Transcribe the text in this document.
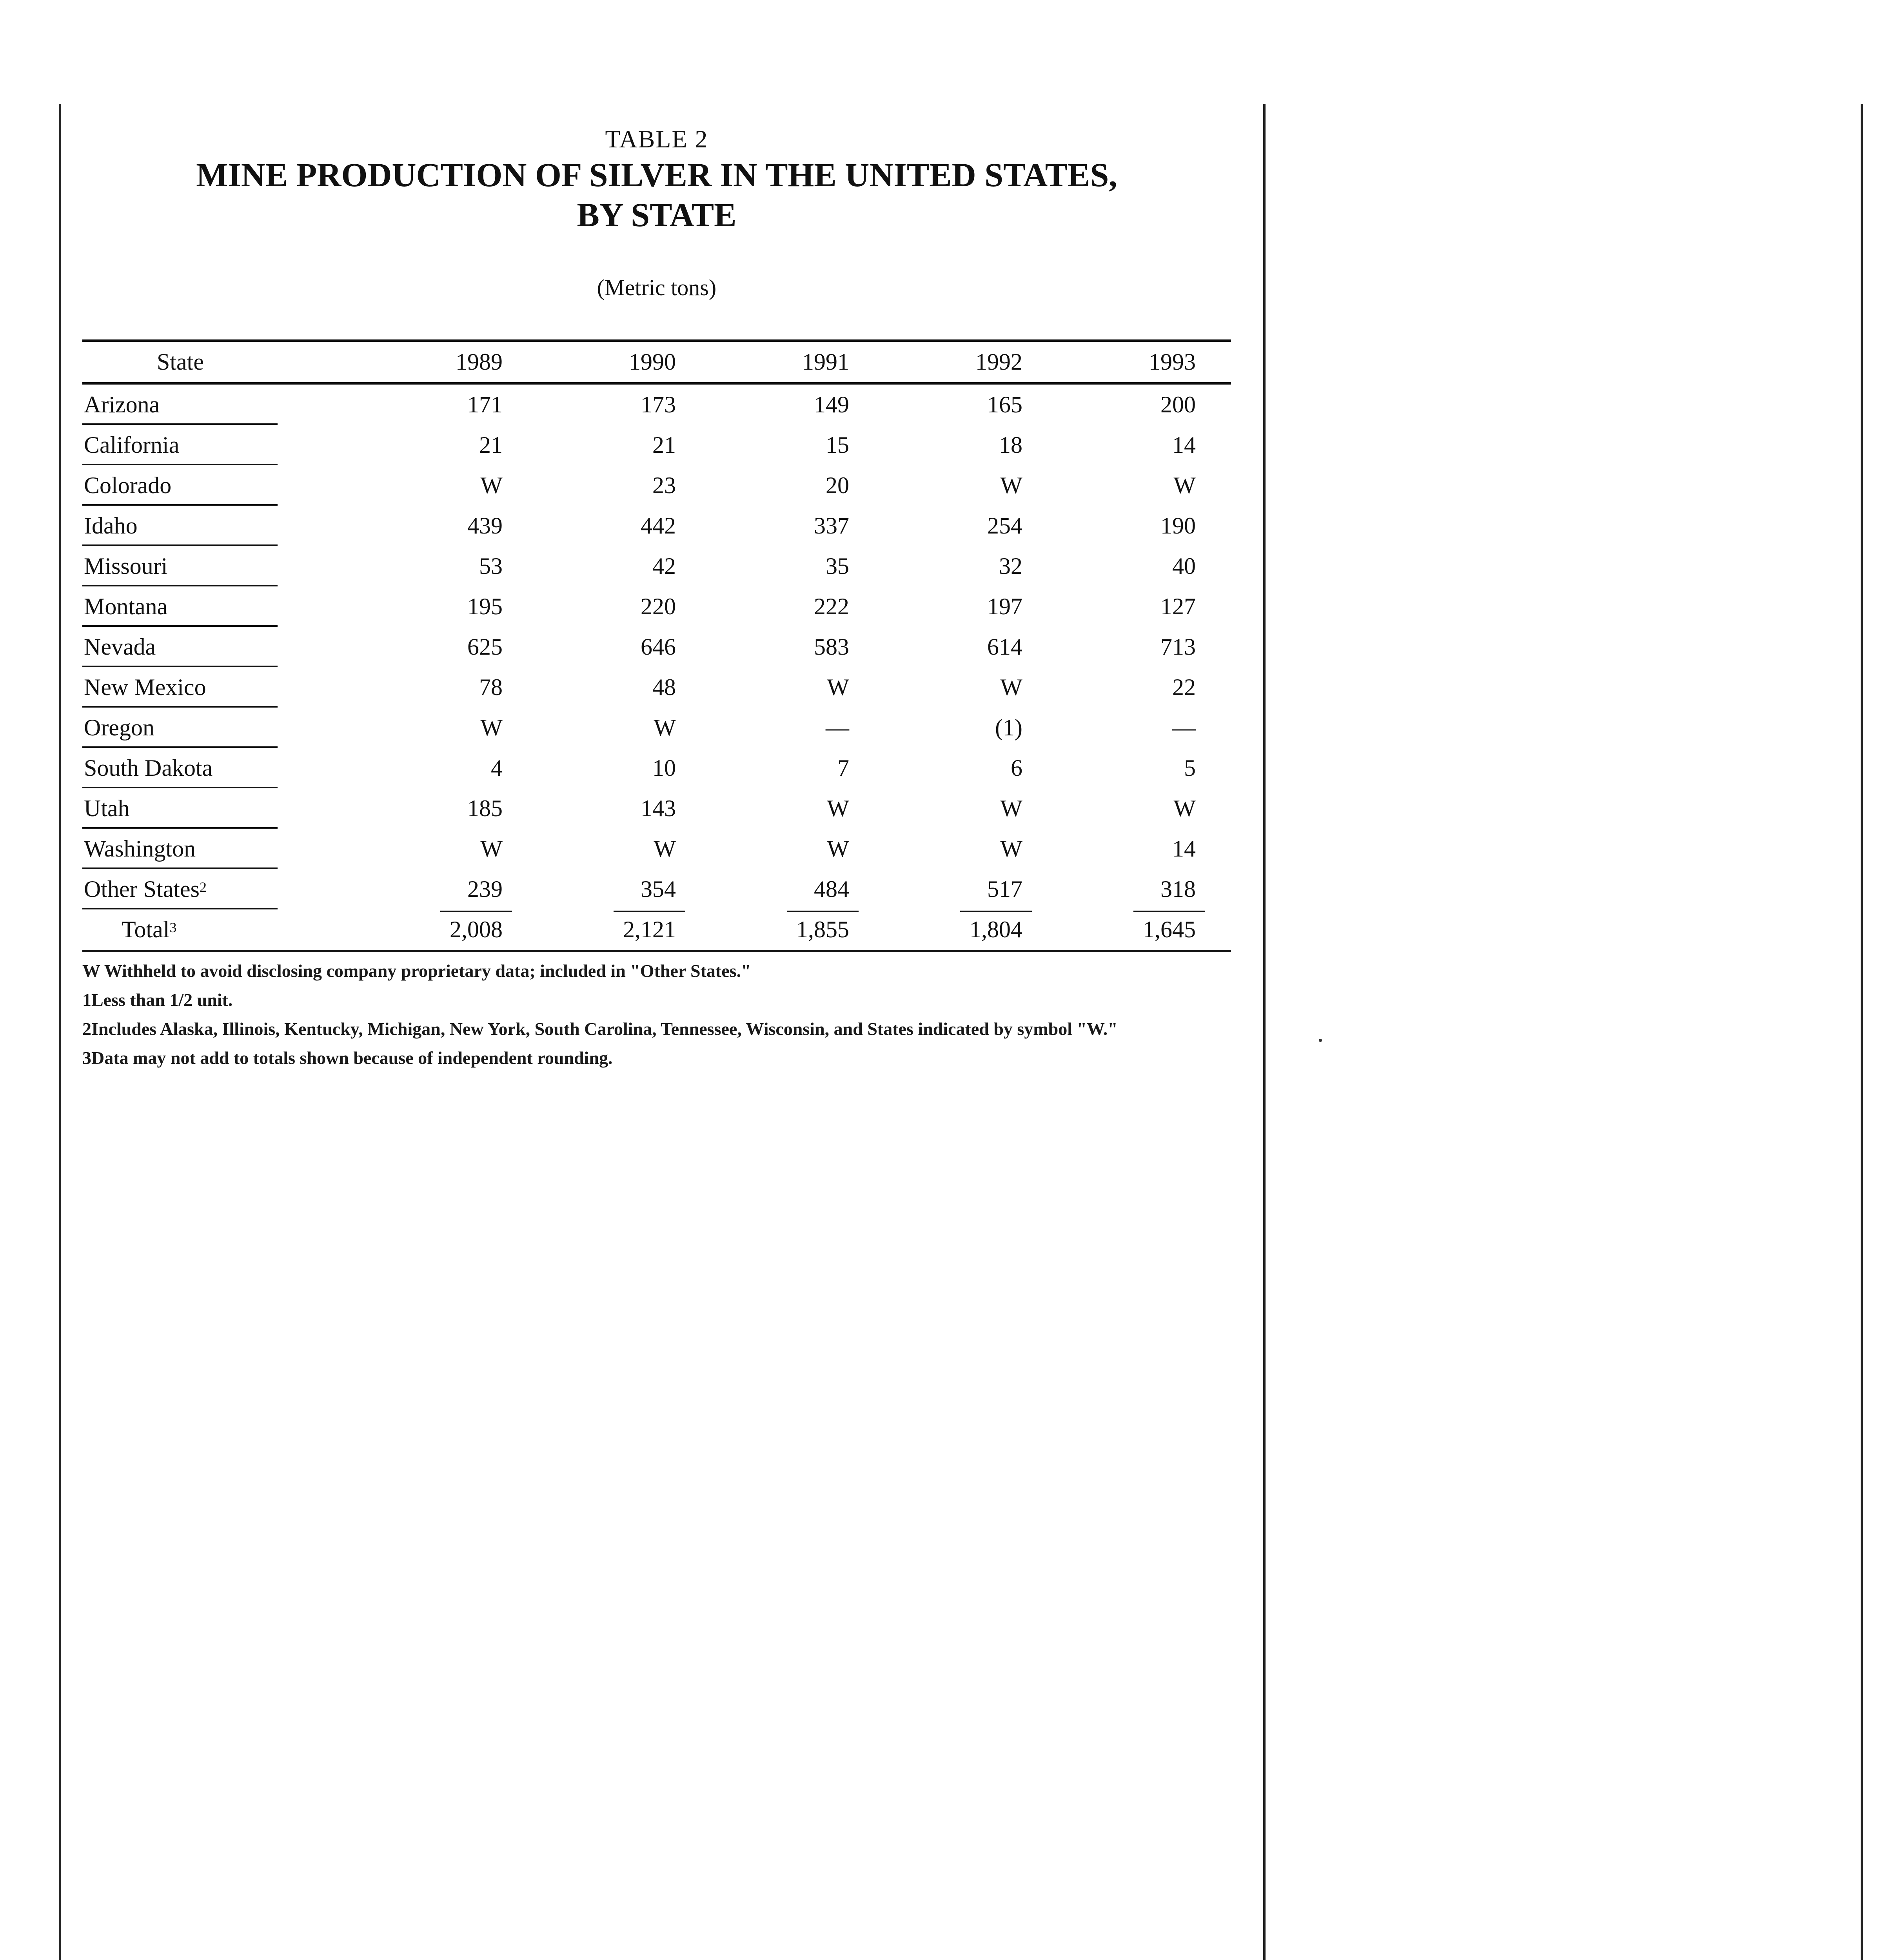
TABLE 2
MINE PRODUCTION OF SILVER IN THE UNITED STATES,
BY STATE
(Metric tons)
State	1989	1990	1991	1992	1993
Arizona	171	173	149	165	200
California	21	21	15	18	14
Colorado	W	23	20	W	W
Idaho	439	442	337	254	190
Missouri	53	42	35	32	40
Montana	195	220	222	197	127
Nevada	625	646	583	614	713
New Mexico	78	48	W	W	22
Oregon	W	W	—	(1)	—
South Dakota	4	10	7	6	5
Utah	185	143	W	W	W
Washington	W	W	W	W	14
Other States 2	239	354	484	517	318
Total 3	2,008	2,121	1,855	1,804	1,645

W Withheld to avoid disclosing company proprietary data; included in "Other States."

1Less than 1/2 unit.

2Includes Alaska, Illinois, Kentucky, Michigan, New York, South Carolina, Tennessee, Wisconsin, and States indicated by symbol "W."

3Data may not add to totals shown because of independent rounding.
